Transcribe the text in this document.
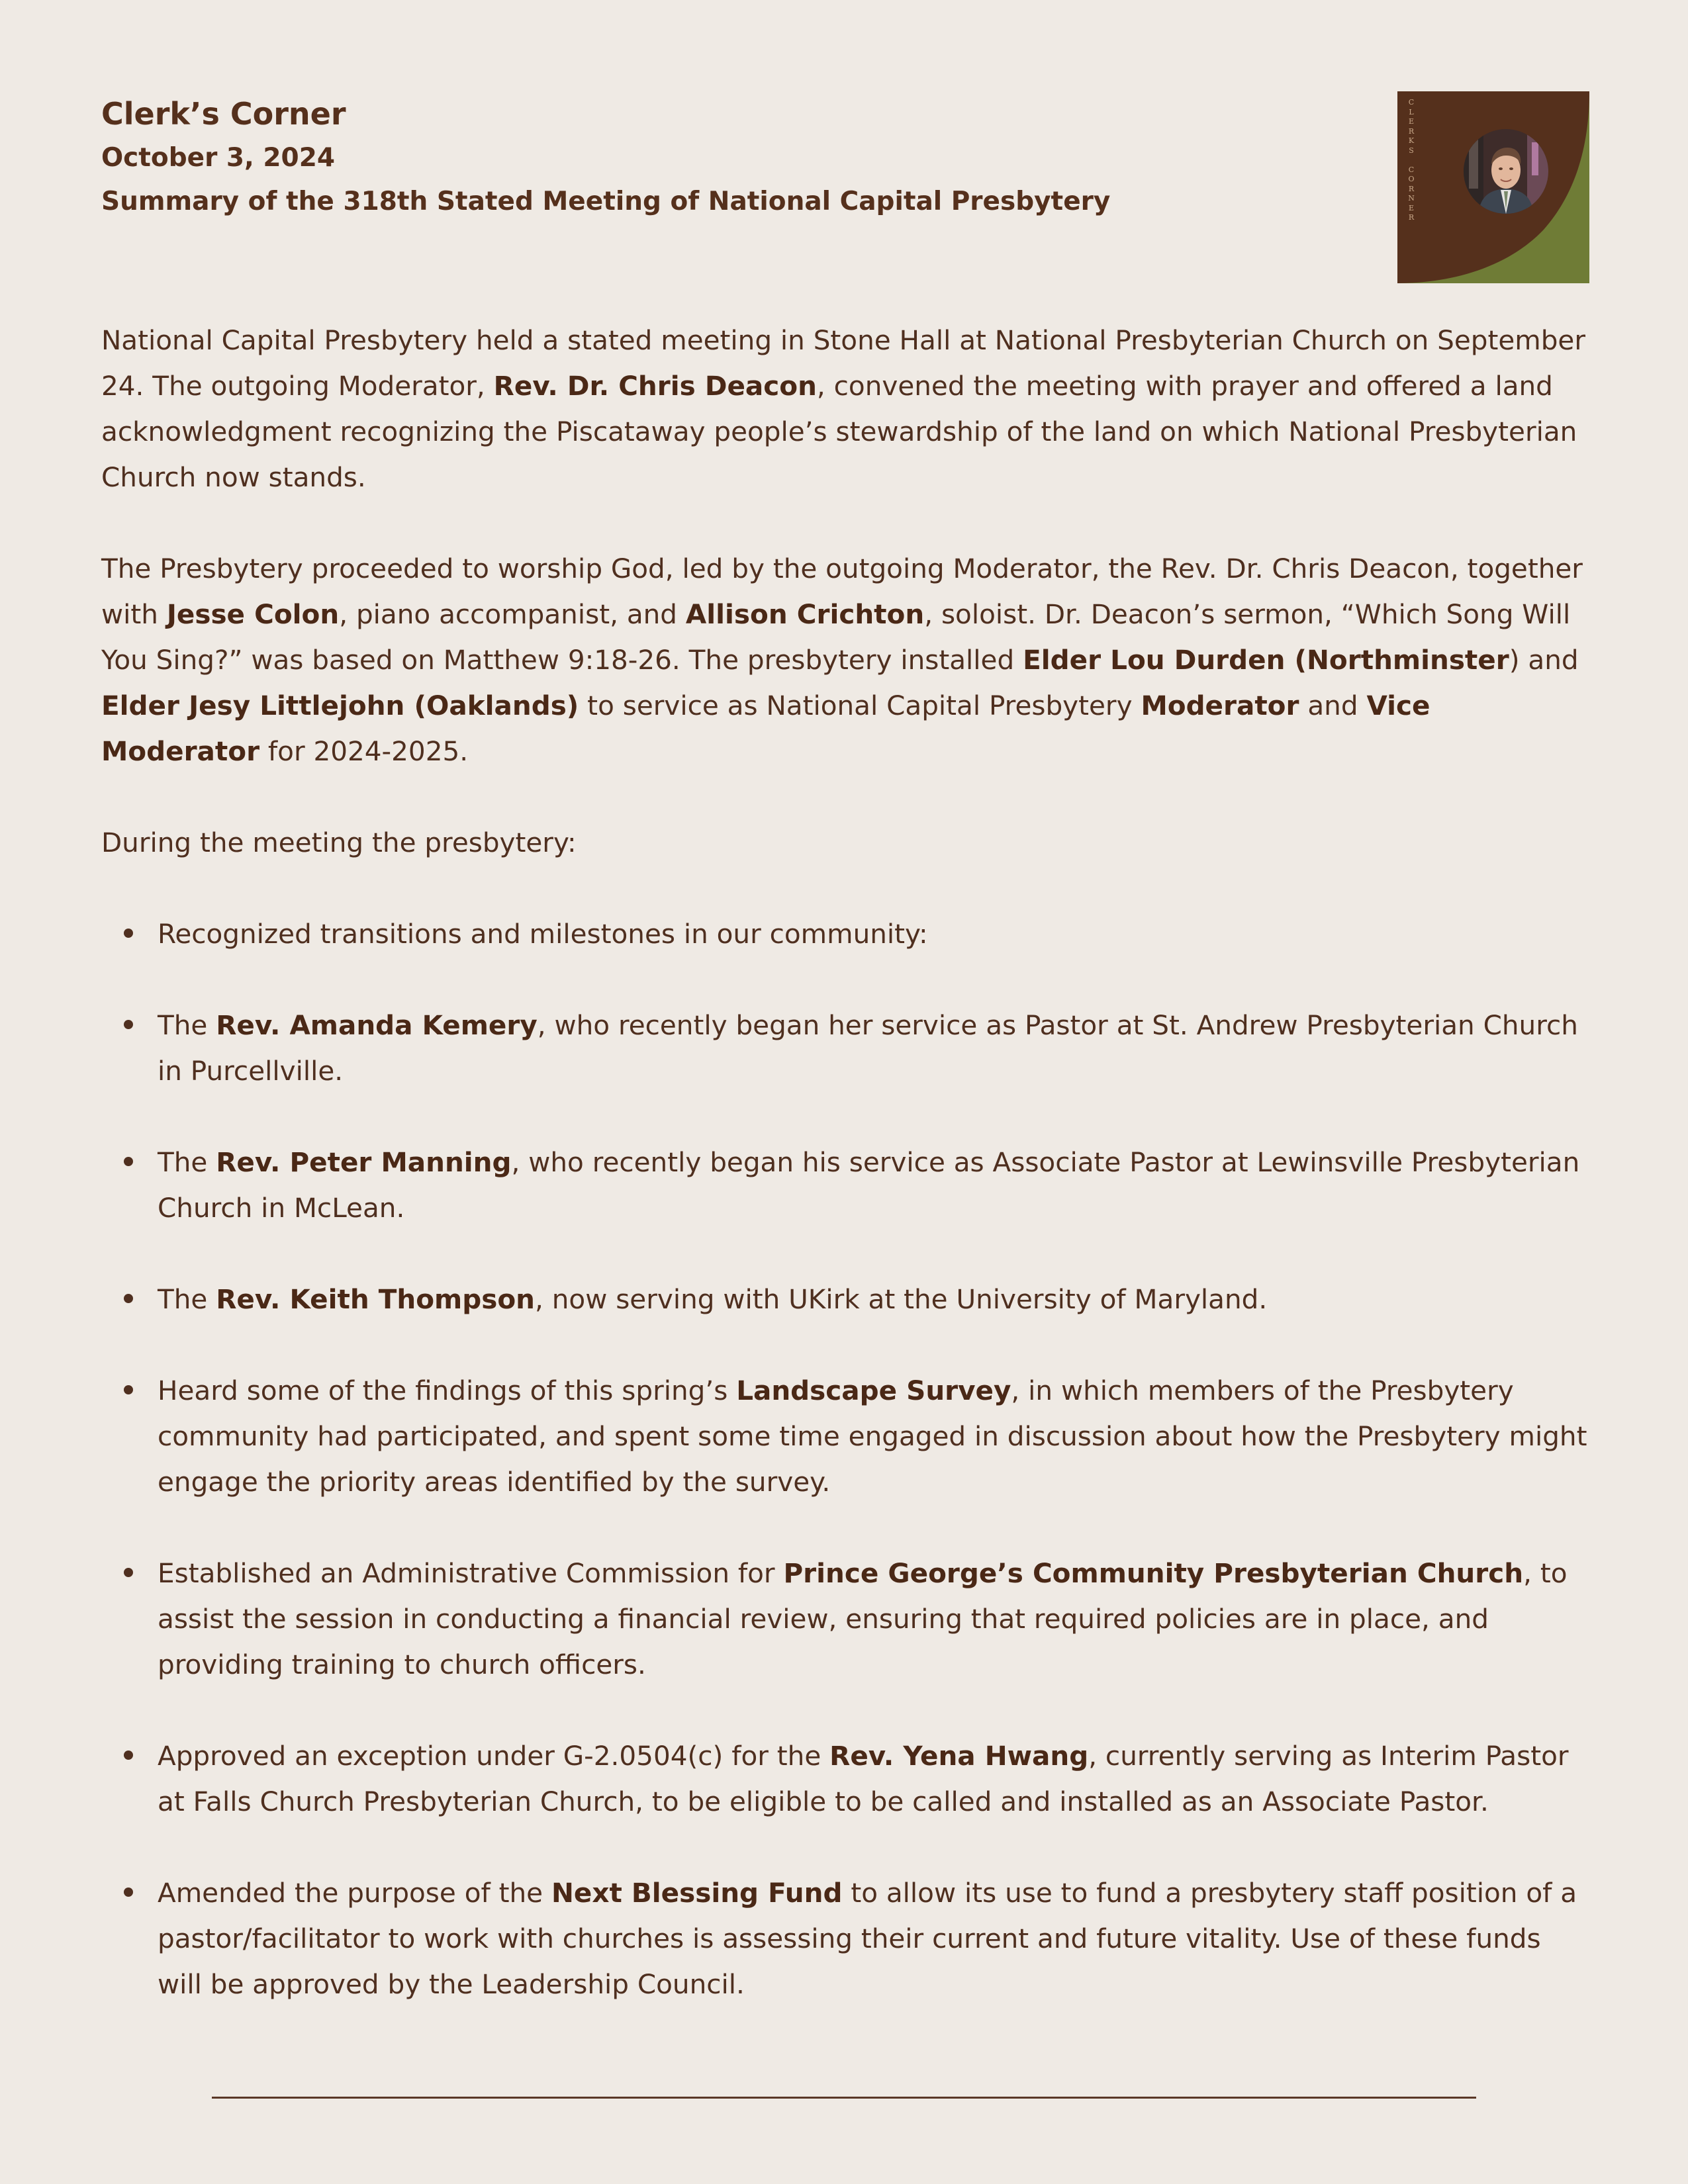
Clerk’s Corner
October 3, 2024
Summary of the 318th Stated Meeting of National Capital Presbytery
C
L
E
R
K
S

C
O
R
N
E
R

National Capital Presbytery held a stated meeting in Stone Hall at National Presbyterian Church on September 24. The outgoing Moderator, Rev. Dr. Chris Deacon, convened the meeting with prayer and offered a land acknowledgment recognizing the Piscataway people’s stewardship of the land on which National Presbyterian Church now stands.

The Presbytery proceeded to worship God, led by the outgoing Moderator, the Rev. Dr. Chris Deacon, together with Jesse Colon, piano accompanist, and Allison Crichton, soloist. Dr. Deacon’s sermon, “Which Song Will You Sing?” was based on Matthew 9:18-26. The presbytery installed Elder Lou Durden (Northminster) and Elder Jesy Littlejohn (Oaklands) to service as National Capital Presbytery Moderator and Vice Moderator for 2024-2025.

During the meeting the presbytery:

Recognized transitions and milestones in our community:
The Rev. Amanda Kemery, who recently began her service as Pastor at St. Andrew Presbyterian Church in Purcellville.
The Rev. Peter Manning, who recently began his service as Associate Pastor at Lewinsville Presbyterian Church in McLean.
The Rev. Keith Thompson, now serving with UKirk at the University of Maryland.
Heard some of the findings of this spring’s Landscape Survey, in which members of the Presbytery community had participated, and spent some time engaged in discussion about how the Presbytery might engage the priority areas identified by the survey.
Established an Administrative Commission for Prince George’s Community Presbyterian Church, to assist the session in conducting a financial review, ensuring that required policies are in place, and providing training to church officers.
Approved an exception under G-2.0504(c) for the Rev. Yena Hwang, currently serving as Interim Pastor at Falls Church Presbyterian Church, to be eligible to be called and installed as an Associate Pastor.
Amended the purpose of the Next Blessing Fund to allow its use to fund a presbytery staff position of a pastor/facilitator to work with churches is assessing their current and future vitality. Use of these funds will be approved by the Leadership Council.
